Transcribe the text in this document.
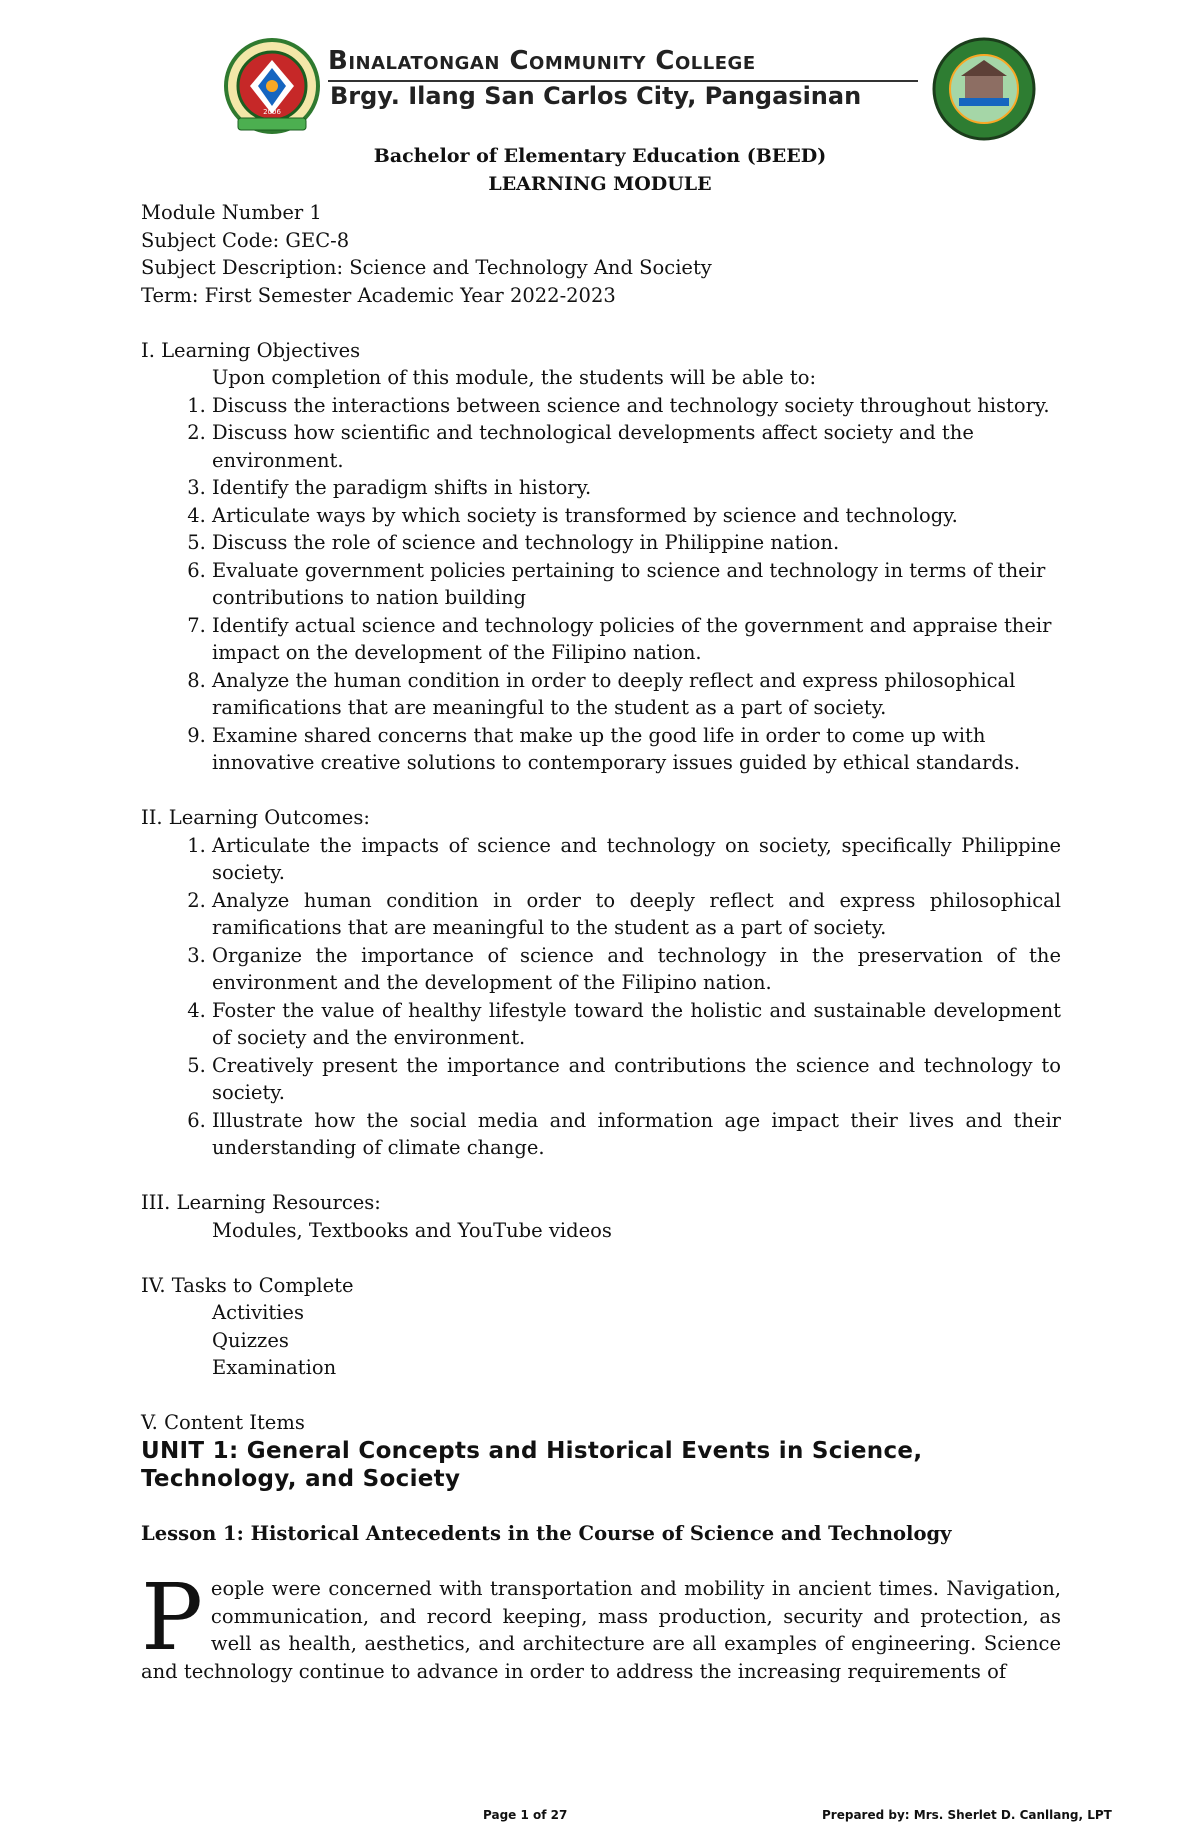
2006
Binalatongan Community College
Brgy. Ilang San Carlos City, Pangasinan
Bachelor of Elementary Education (BEED)
LEARNING MODULE

Module Number 1

Subject Code: GEC-8

Subject Description: Science and Technology And Society

Term: First Semester Academic Year 2022-2023

I. Learning Objectives

Upon completion of this module, the students will be able to:

1. Discuss the interactions between science and technology society throughout history.
2. Discuss how scientific and technological developments affect society and the environment.
3. Identify the paradigm shifts in history.
4. Articulate ways by which society is transformed by science and technology.
5. Discuss the role of science and technology in Philippine nation.
6. Evaluate government policies pertaining to science and technology in terms of their contributions to nation building
7. Identify actual science and technology policies of the government and appraise their impact on the development of the Filipino nation.
8. Analyze the human condition in order to deeply reflect and express philosophical ramifications that are meaningful to the student as a part of society.
9. Examine shared concerns that make up the good life in order to come up with innovative creative solutions to contemporary issues guided by ethical standards.

II. Learning Outcomes:

1. Articulate the impacts of science and technology on society, specifically Philippine society.
2. Analyze human condition in order to deeply reflect and express philosophical ramifications that are meaningful to the student as a part of society.
3. Organize the importance of science and technology in the preservation of the environment and the development of the Filipino nation.
4. Foster the value of healthy lifestyle toward the holistic and sustainable development of society and the environment.
5. Creatively present the importance and contributions the science and technology to society.
6. Illustrate how the social media and information age impact their lives and their understanding of climate change.

III. Learning Resources:

Modules, Textbooks and YouTube videos

IV. Tasks to Complete

Activities

Quizzes

Examination

V. Content Items

UNIT 1: General Concepts and Historical Events in Science, Technology, and Society

Lesson 1: Historical Antecedents in the Course of Science and Technology

People were concerned with transportation and mobility in ancient times. Navigation, communication, and record keeping, mass production, security and protection, as well as health, aesthetics, and architecture are all examples of engineering. Science and technology continue to advance in order to address the increasing requirements of

Page 1 of 27	Prepared by: Mrs. Sherlet D. Canllang, LPT
